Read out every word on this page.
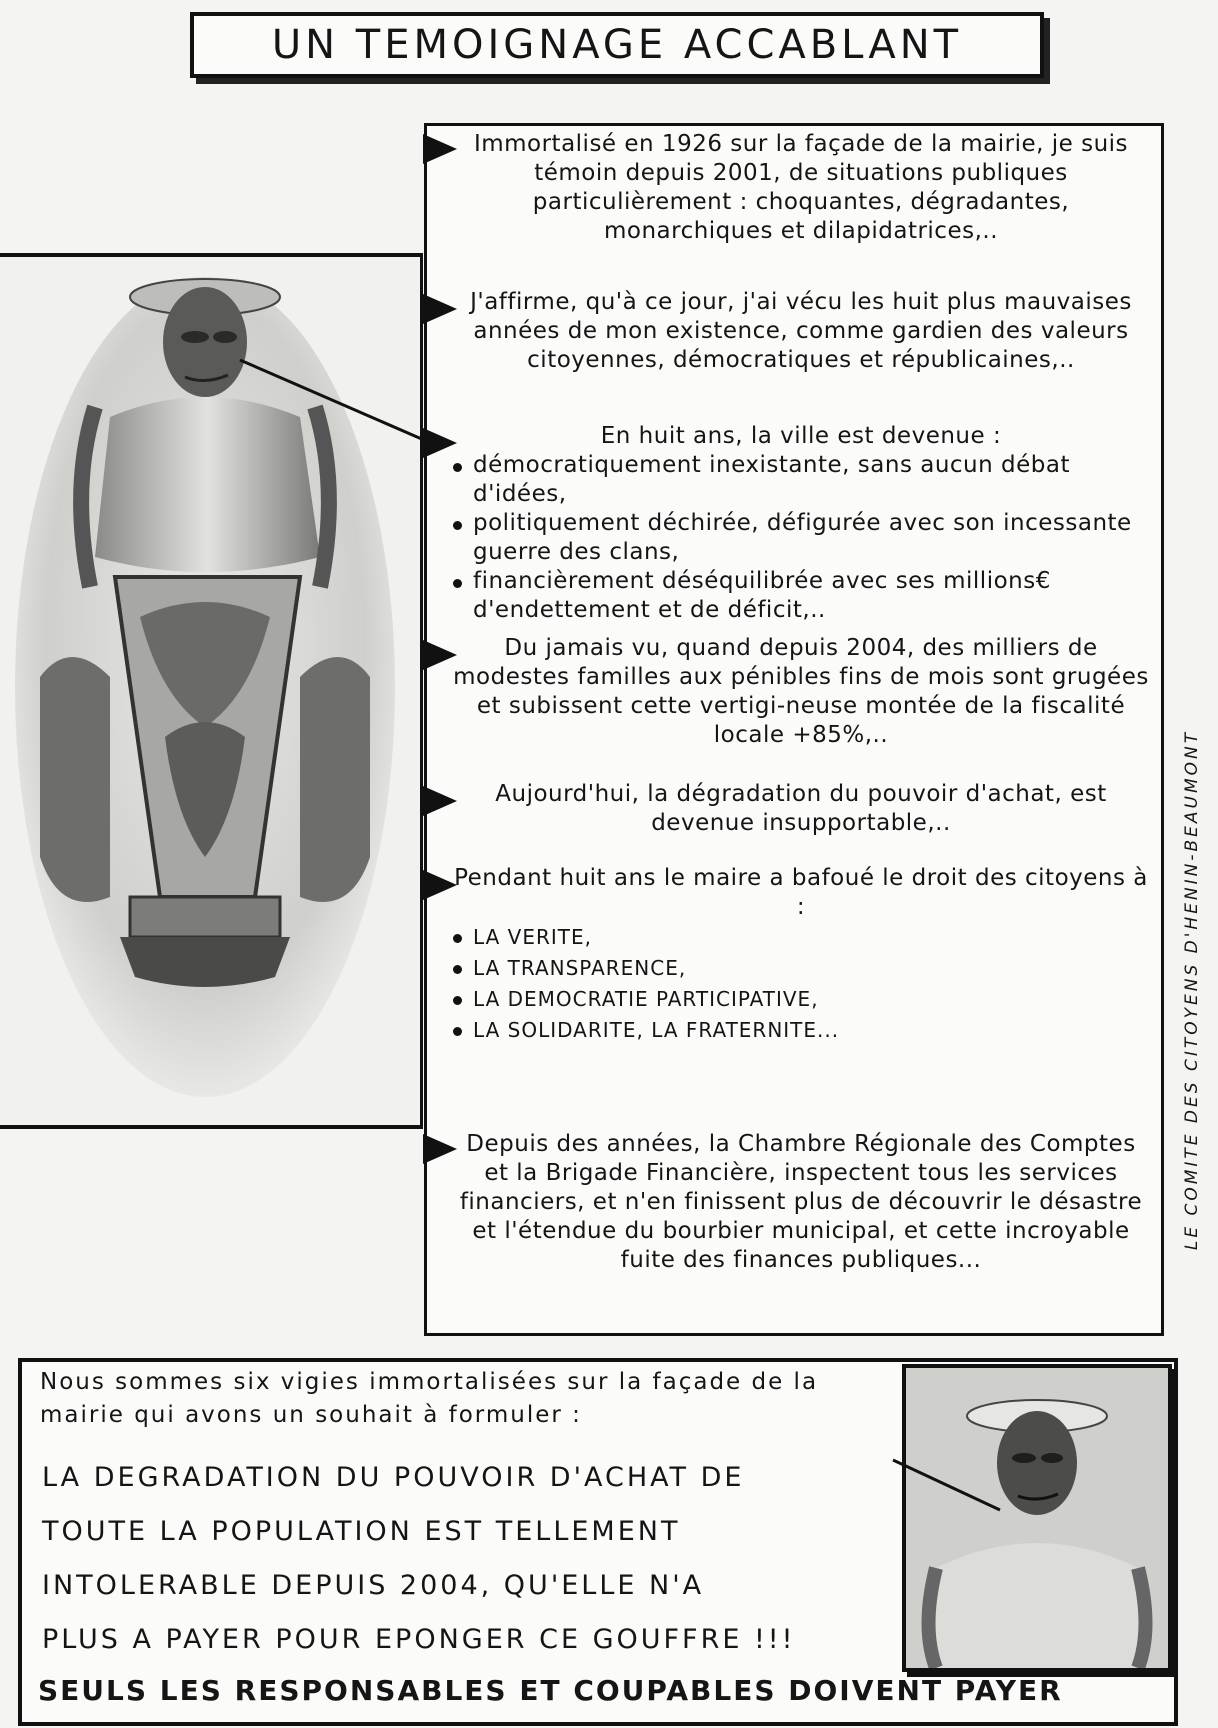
UN TEMOIGNAGE ACCABLANT
Immortalisé en 1926 sur la façade de la mairie, je suis témoin depuis 2001, de situations publiques particulièrement : choquantes, dégradantes, monarchiques et dilapidatrices,..
J'affirme, qu'à ce jour, j'ai vécu les huit plus mauvaises années de mon existence, comme gardien des valeurs citoyennes, démocratiques et républicaines,..
En huit ans, la ville est devenue :
démocratiquement inexistante, sans aucun débat d'idées,
politiquement déchirée, défigurée avec son incessante guerre des clans,
financièrement déséquilibrée avec ses millions€ d'endettement et de déficit,..
Du jamais vu, quand depuis 2004, des milliers de modestes familles aux pénibles fins de mois sont grugées et subissent cette vertigi-neuse montée de la fiscalité locale +85%,..
Aujourd'hui, la dégradation du pouvoir d'achat, est devenue insupportable,..
Pendant huit ans le maire a bafoué le droit des citoyens à :
LA VERITE,
LA TRANSPARENCE,
LA DEMOCRATIE PARTICIPATIVE,
LA SOLIDARITE, LA FRATERNITE...
Depuis des années, la Chambre Régionale des Comptes et la Brigade Financière, inspectent tous les services financiers, et n'en finissent plus de découvrir le désastre et l'étendue du bourbier municipal, et cette incroyable fuite des finances publiques...
LE COMITE DES CITOYENS D'HENIN-BEAUMONT
Nous sommes six vigies immortalisées sur la façade de la mairie qui avons un souhait à formuler :
LA DEGRADATION DU POUVOIR D'ACHAT DE
TOUTE LA POPULATION EST TELLEMENT
INTOLERABLE DEPUIS 2004, QU'ELLE N'A
PLUS A PAYER POUR EPONGER CE GOUFFRE !!!
SEULS LES RESPONSABLES ET COUPABLES DOIVENT PAYER
